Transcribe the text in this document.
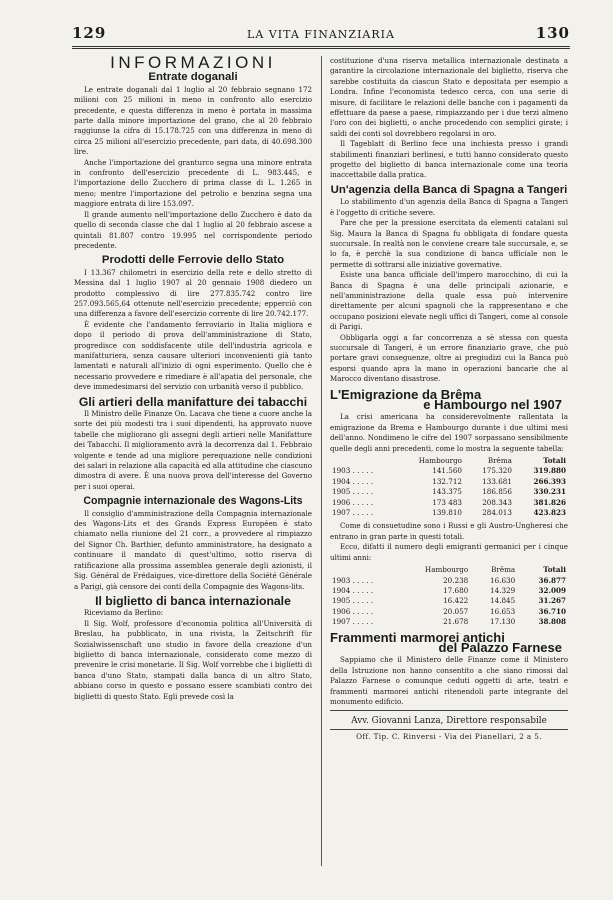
129	LA VITA FINANZIARIA	130
INFORMAZIONI
Entrate doganali

Le entrate doganali dal 1 luglio al 20 febbraio segnano 172 milioni con 25 milioni in meno in confronto allo esercizio precedente, e questa differenza in meno è portata in massima parte dalla minore importazione del grano, che al 20 febbraio raggiunse la cifra di 15.178.725 con una differenza in meno di circa 25 milioni all'esercizio precedente, pari data, di 40.698.300 lire.

Anche l'importazione del granturco segna una minore entrata in confronto dell'esercizio precedente di L. 983.445, e l'importazione dello Zucchero di prima classe di L. 1.265 in meno; mentre l'importazione del petrolio e benzina segna una maggiore entrata di lire 153.097.

Il grande aumento nell'importazione dello Zucchero è dato da quello di seconda classe che dal 1 luglio al 20 febbraio ascese a quintali 81.807 contro 19.995 nel corrispondente periodo precedente.

Prodotti delle Ferrovie dello Stato

I 13.367 chilometri in esercizio della rete e dello stretto di Messina dal 1 luglio 1907 al 20 gennaio 1908 diedero un prodotto complessivo di lire 277.835.742 contro lire 257.093.565,64 ottenute nell'esercizio precedente; epperciò con una differenza a favore dell'esercizio corrente di lire 20.742.177.

È evidente che l'andamento ferroviario in Italia migliora e dopo il periodo di prova dell'amministrazione di Stato, progredisce con soddisfacente utile dell'industria agricola e manifatturiera, senza causare ulteriori inconvenienti già tanto lamentati e naturali all'inizio di ogni esperimento. Quello che è necessario provvedere e rimediare è all'apatia del personale, che deve immedesimarsi del servizio con urbanità verso il pubblico.

Gli artieri della manifatture dei tabacchi

Il Ministro delle Finanze On. Lacava che tiene a cuore anche la sorte dei più modesti tra i suoi dipendenti, ha approvato nuove tabelle che migliorano gli assegni degli artieri nelle Manifatture dei Tabacchi. Il miglioramento avrà la decorrenza dal 1. Febbraio volgente e tende ad una migliore perequazione nelle condizioni dei salari in relazione alla capacità ed alla attitudine che ciascuno dimostra di avere. È una nuova prova dell'interesse del Governo per i suoi operai.

Compagnie internazionale des Wagons-Lits

Il consiglio d'amministrazione della Compagnia internazionale des Wagons-Lits et des Grands Express Européen è stato chiamato nella riunione del 21 corr., a provvedere al rimpiazzo del Signor Ch. Barthier, defunto amministratore, ha designato a continuare il mandato di quest'ultimo, sotto riserva di ratificazione alla prossima assemblea generale degli azionisti, il Sig. Général de Frédaigues, vice-direttore della Société Générale a Parigi, già censore dei conti della Compagnie des Wagons-lits.

Il biglietto di banca internazionale

Riceviamo da Berlino:

Il Sig. Wolf, professore d'economia politica all'Università di Breslau, ha pubblicato, in una rivista, la Zeitschrift für Sozialwissenschaft uno studio in favore della creazione d'un biglietto di banca internazionale, considerato come mezzo di prevenire le crisi monetarie. Il Sig. Wolf vorrebbe che i biglietti di banca d'uno Stato, stampati dalla banca di un altro Stato, abbiano corso in questo e possano essere scambiati contro dei biglietti di questo Stato. Egli prevede così la

costituzione d'una riserva metallica internazionale destinata a garantire la circolazione internazionale del biglietto, riserva che sarebbe costituita da ciascun Stato e depositata per esempio a Londra. Infine l'economista tedesco cerca, con una serie di misure, di facilitare le relazioni delle banche con i pagamenti da effettuare da paese a paese, rimpiazzando per i due terzi almeno l'oro con dei biglietti, o anche procedendo con semplici girate; i saldi dei conti sol dovrebbero regolarsi in oro.

Il Tageblatt di Berlino fece una inchiesta presso i grandi stabilimenti finanziari berlinesi, e tutti hanno considerato questo progetto del biglietto di banca internazionale come una teoria inaccettabile dalla pratica.

Un'agenzia della Banca di Spagna a Tangeri

Lo stabilimento d'un agenzia della Banca di Spagna a Tangeri è l'oggetto di critiche severe.

Pare che per la pressione esercitata da elementi catalani sul Sig. Maura la Banca di Spagna fu obbligata di fondare questa succursale. In realtà non le conviene creare tale succursale, e, se lo fa, è perchè la sua condizione di banca ufficiale non le permette di sottrarsi alle iniziative governative.

Esiste una banca ufficiale dell'impero marocchino, di cui la Banca di Spagna è una delle principali azionarie, e nell'amministrazione della quale essa può intervenire direttamente per alcuni spagnoli che la rappresentano e che occupano posizioni elevate negli uffici di Tangeri, come al console di Parigi.

Obbligarla oggi a far concorrenza a sè stessa con questa succursale di Tangeri, è un errore finanziario grave, che può portare gravi conseguenze, oltre ai pregiudizi cui la Banca può esporsi quando apra la mano in operazioni bancarie che al Marocco diventano disastrose.

L'Emigrazione da Brêma
e Hambourgo nel 1907

La crisi americana ha considerevolmente rallentata la emigrazione da Brema e Hambourgo durante i due ultimi mesi dell'anno. Nondimeno le cifre del 1907 sorpassano sensibilmente quelle degli anni precedenti, come lo mostra la seguente tabella:

	Hambourgo	Brêma	Totali
1903 . . . . .	141.560	175.320	319.880
1904 . . . . .	132.712	133.681	266.393
1905 . . . . .	143.375	186.856	330.231
1906 . . . . .	173 483	208.343	381.826
1907 . . . . .	139.810	284.013	423.823

Come di consuetudine sono i Russi e gli Austro-Ungheresi che entrano in gran parte in questi totali.

Ecco, difatti il numero degli emigranti germanici per i cinque ultimi anni:

	Hambourgo	Brêma	Totali
1903 . . . . .	20.238	16.630	36.877
1904 . . . . .	17.680	14.329	32.009
1905 . . . . .	16.422	14.845	31.267
1906 . . . . .	20.057	16.653	36.710
1907 . . . . .	21.678	17.130	38.808
Frammenti marmorei antichi
del Palazzo Farnese

Sappiamo che il Ministero delle Finanze come il Ministero della Istruzione non hanno consentito a che siano rimossi dal Palazzo Farnese o comunque ceduti oggetti di arte, teatri e frammenti marmorei antichi ritenendoli parte integrante del monumento edificio.

Avv. Giovanni Lanza, Direttore responsabile
Off. Tip. C. Rinversi - Via dei Pianellari, 2 a 5.
